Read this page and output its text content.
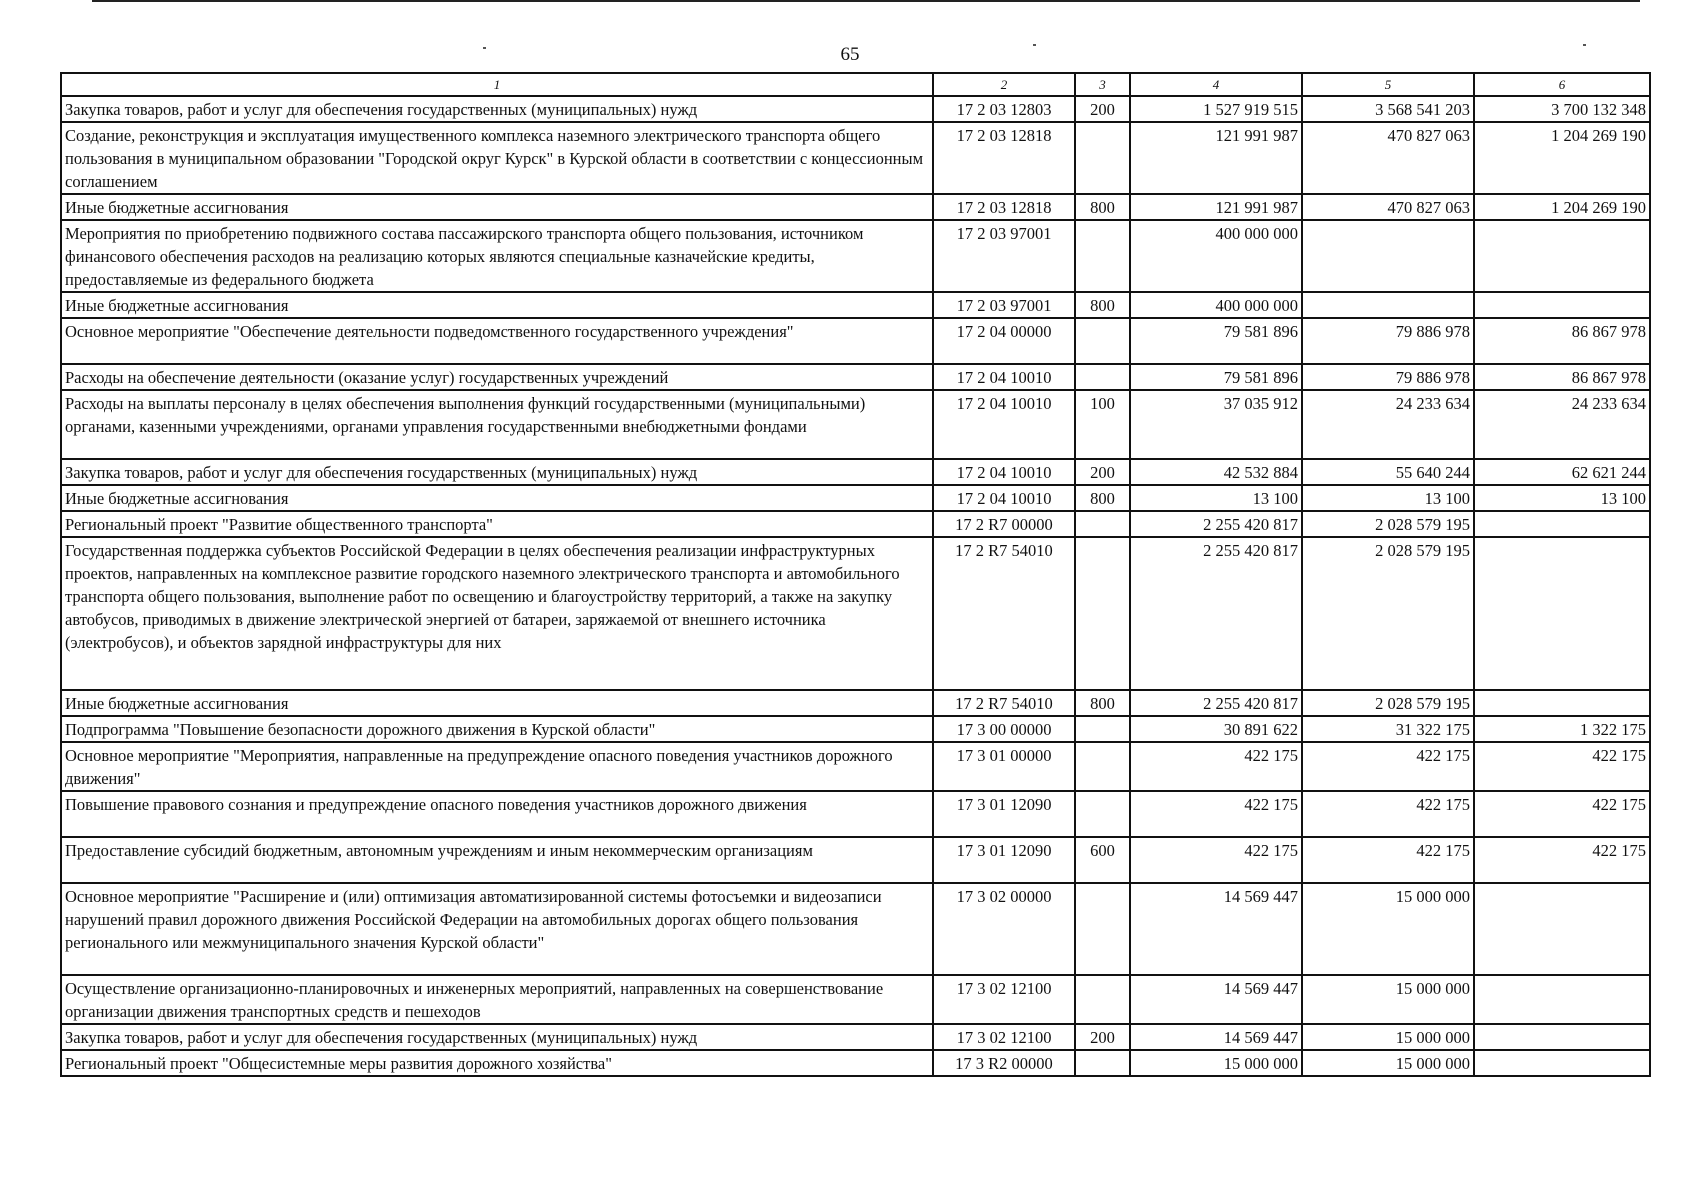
65
1	2	3	4	5	6
Закупка товаров, работ и услуг для обеспечения государственных (муниципальных) нужд	17 2 03 12803	200	1 527 919 515	3 568 541 203	3 700 132 348
Создание, реконструкция и эксплуатация имущественного комплекса наземного электрического транспорта общего пользования в муниципальном образовании "Городской округ Курск" в Курской области в соответствии с концессионным соглашением	17 2 03 12818		121 991 987	470 827 063	1 204 269 190
Иные бюджетные ассигнования	17 2 03 12818	800	121 991 987	470 827 063	1 204 269 190
Мероприятия по приобретению подвижного состава пассажирского транспорта общего пользования, источником финансового обеспечения расходов на реализацию которых являются специальные казначейские кредиты, предоставляемые из федерального бюджета	17 2 03 97001		400 000 000		
Иные бюджетные ассигнования	17 2 03 97001	800	400 000 000		
Основное мероприятие "Обеспечение деятельности подведомственного государственного учреждения"	17 2 04 00000		79 581 896	79 886 978	86 867 978
Расходы на обеспечение деятельности (оказание услуг) государственных учреждений	17 2 04 10010		79 581 896	79 886 978	86 867 978
Расходы на выплаты персоналу в целях обеспечения выполнения функций государственными (муниципальными) органами, казенными учреждениями, органами управления государственными внебюджетными фондами	17 2 04 10010	100	37 035 912	24 233 634	24 233 634
Закупка товаров, работ и услуг для обеспечения государственных (муниципальных) нужд	17 2 04 10010	200	42 532 884	55 640 244	62 621 244
Иные бюджетные ассигнования	17 2 04 10010	800	13 100	13 100	13 100
Региональный проект "Развитие общественного транспорта"	17 2 R7 00000		2 255 420 817	2 028 579 195	
Государственная поддержка субъектов Российской Федерации в целях обеспечения реализации инфраструктурных проектов, направленных на комплексное развитие городского наземного электрического транспорта и автомобильного транспорта общего пользования, выполнение работ по освещению и благоустройству территорий, а также на закупку автобусов, приводимых в движение электрической энергией от батареи, заряжаемой от внешнего источника (электробусов), и объектов зарядной инфраструктуры для них	17 2 R7 54010		2 255 420 817	2 028 579 195	
Иные бюджетные ассигнования	17 2 R7 54010	800	2 255 420 817	2 028 579 195	
Подпрограмма "Повышение безопасности дорожного движения в Курской области"	17 3 00 00000		30 891 622	31 322 175	1 322 175
Основное мероприятие "Мероприятия, направленные на предупреждение опасного поведения участников дорожного движения"	17 3 01 00000		422 175	422 175	422 175
Повышение правового сознания и предупреждение опасного поведения участников дорожного движения	17 3 01 12090		422 175	422 175	422 175
Предоставление субсидий бюджетным, автономным учреждениям и иным некоммерческим организациям	17 3 01 12090	600	422 175	422 175	422 175
Основное мероприятие "Расширение и (или) оптимизация автоматизированной системы фотосъемки и видеозаписи нарушений правил дорожного движения Российской Федерации на автомобильных дорогах общего пользования регионального или межмуниципального значения Курской области"	17 3 02 00000		14 569 447	15 000 000	
Осуществление организационно-планировочных и инженерных мероприятий, направленных на совершенствование организации движения транспортных средств и пешеходов	17 3 02 12100		14 569 447	15 000 000	
Закупка товаров, работ и услуг для обеспечения государственных (муниципальных) нужд	17 3 02 12100	200	14 569 447	15 000 000	
Региональный проект "Общесистемные меры развития дорожного хозяйства"	17 3 R2 00000		15 000 000	15 000 000	
